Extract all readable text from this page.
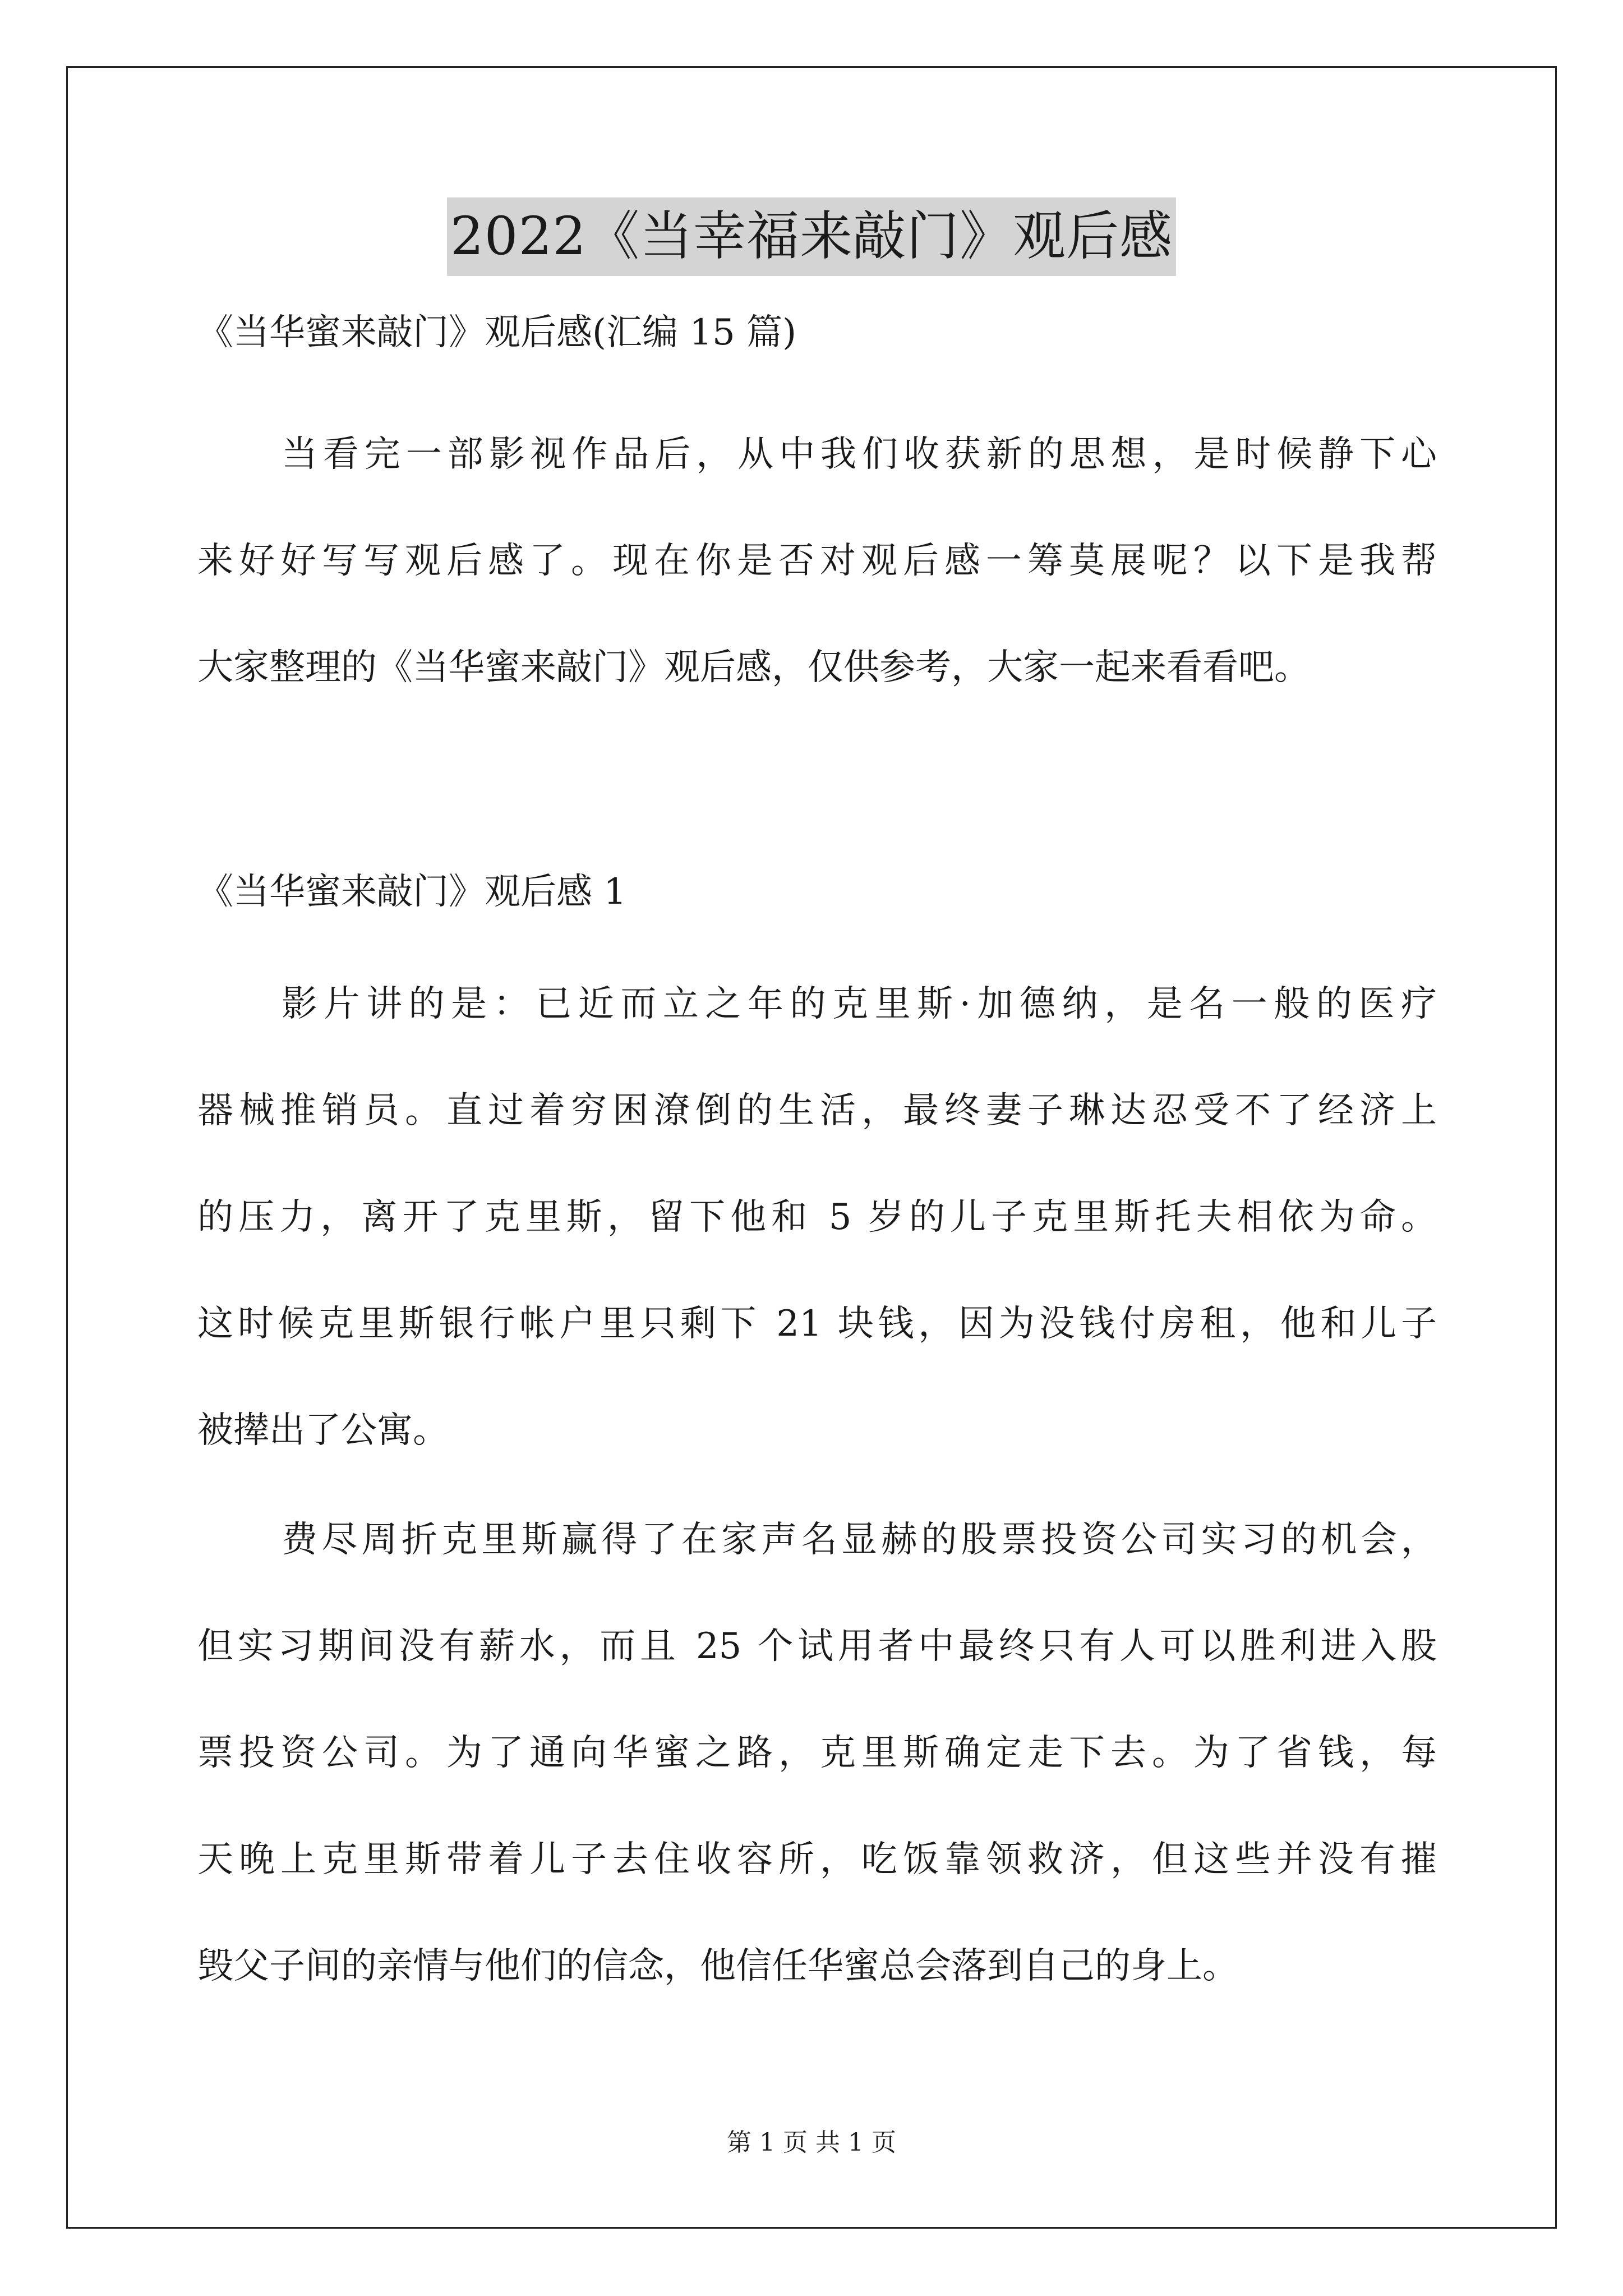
2022《当幸福来敲门》观后感
《当华蜜来敲门》观后感(汇编 15 篇)
当看完一部影视作品后，从中我们收获新的思想，是时候静下心
来好好写写观后感了。现在你是否对观后感一筹莫展呢？以下是我帮
大家整理的《当华蜜来敲门》观后感，仅供参考，大家一起来看看吧。
《当华蜜来敲门》观后感 1
影片讲的是：已近而立之年的克里斯·加德纳，是名一般的医疗
器械推销员。直过着穷困潦倒的生活，最终妻子琳达忍受不了经济上
的压力，离开了克里斯，留下他和 5 岁的儿子克里斯托夫相依为命。
这时候克里斯银行帐户里只剩下 21 块钱，因为没钱付房租，他和儿子
被撵出了公寓。
费尽周折克里斯赢得了在家声名显赫的股票投资公司实习的机会，
但实习期间没有薪水，而且 25 个试用者中最终只有人可以胜利进入股
票投资公司。为了通向华蜜之路，克里斯确定走下去。为了省钱，每
天晚上克里斯带着儿子去住收容所，吃饭靠领救济，但这些并没有摧
毁父子间的亲情与他们的信念，他信任华蜜总会落到自己的身上。
第 1 页 共 1 页
